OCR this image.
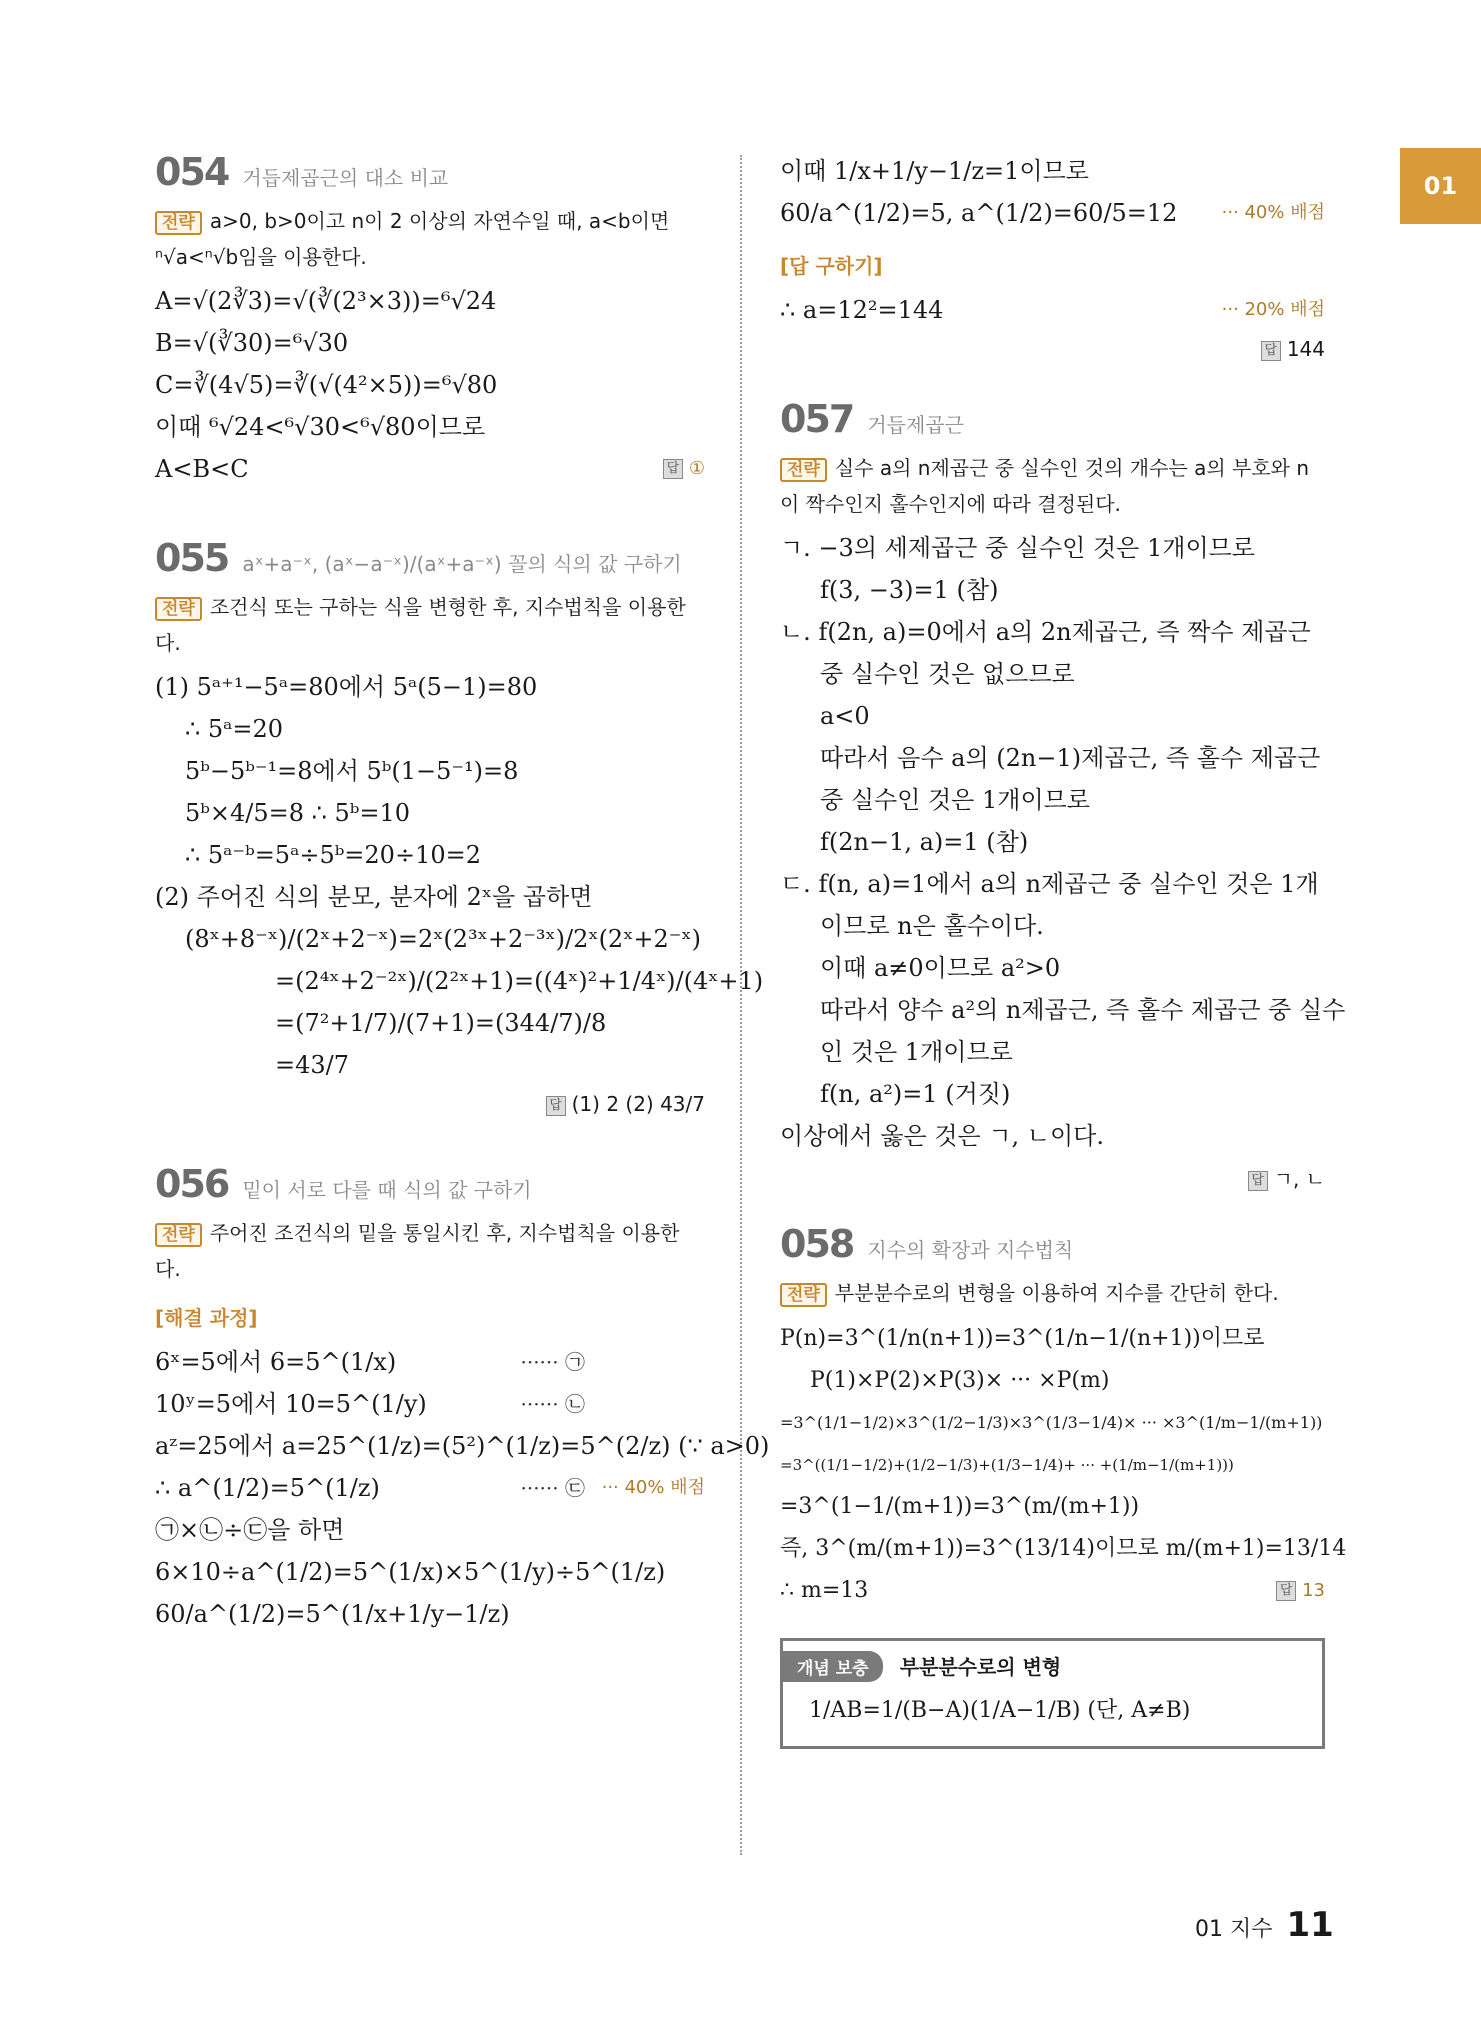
01
054 거듭제곱근의 대소 비교
전략 a>0, b>0이고 n이 2 이상의 자연수일 때, a<b이면 ⁿ√a<ⁿ√b임을 이용한다.
A=√(2∛3)=√(∛(2³×3))=⁶√24
B=√(∛30)=⁶√30
C=∛(4√5)=∛(√(4²×5))=⁶√80
이때 ⁶√24<⁶√30<⁶√80이므로
A<B<C	답 ①
055 aˣ+a⁻ˣ, (aˣ−a⁻ˣ)/(aˣ+a⁻ˣ) 꼴의 식의 값 구하기
전략 조건식 또는 구하는 식을 변형한 후, 지수법칙을 이용한다.
(1) 5ᵃ⁺¹−5ᵃ=80에서 5ᵃ(5−1)=80
∴ 5ᵃ=20
5ᵇ−5ᵇ⁻¹=8에서 5ᵇ(1−5⁻¹)=8
5ᵇ×4/5=8 ∴ 5ᵇ=10
∴ 5ᵃ⁻ᵇ=5ᵃ÷5ᵇ=20÷10=2
(2) 주어진 식의 분모, 분자에 2ˣ을 곱하면
(8ˣ+8⁻ˣ)/(2ˣ+2⁻ˣ)=2ˣ(2³ˣ+2⁻³ˣ)/2ˣ(2ˣ+2⁻ˣ)
=(2⁴ˣ+2⁻²ˣ)/(2²ˣ+1)=((4ˣ)²+1/4ˣ)/(4ˣ+1)
=(7²+1/7)/(7+1)=(344/7)/8
=43/7
답 (1) 2 (2) 43/7
056 밑이 서로 다를 때 식의 값 구하기
전략 주어진 조건식의 밑을 통일시킨 후, 지수법칙을 이용한다.
[해결 과정]
6ˣ=5에서 6=5^(1/x)	······ ㉠
10ʸ=5에서 10=5^(1/y)	······ ㉡
aᶻ=25에서 a=25^(1/z)=(5²)^(1/z)=5^(2/z) (∵ a>0)
∴ a^(1/2)=5^(1/z)	······ ㉢ ··· 40% 배점
㉠×㉡÷㉢을 하면
6×10÷a^(1/2)=5^(1/x)×5^(1/y)÷5^(1/z)
60/a^(1/2)=5^(1/x+1/y−1/z)
이때 1/x+1/y−1/z=1이므로
60/a^(1/2)=5, a^(1/2)=60/5=12 ··· 40% 배점
[답 구하기]
∴ a=12²=144	··· 20% 배점
답 144
057 거듭제곱근
전략 실수 a의 n제곱근 중 실수인 것의 개수는 a의 부호와 n이 짝수인지 홀수인지에 따라 결정된다.
ㄱ. −3의 세제곱근 중 실수인 것은 1개이므로
f(3, −3)=1 (참)
ㄴ. f(2n, a)=0에서 a의 2n제곱근, 즉 짝수 제곱근
중 실수인 것은 없으므로
a<0
따라서 음수 a의 (2n−1)제곱근, 즉 홀수 제곱근
중 실수인 것은 1개이므로
f(2n−1, a)=1 (참)
ㄷ. f(n, a)=1에서 a의 n제곱근 중 실수인 것은 1개
이므로 n은 홀수이다.
이때 a≠0이므로 a²>0
따라서 양수 a²의 n제곱근, 즉 홀수 제곱근 중 실수
인 것은 1개이므로
f(n, a²)=1 (거짓)
이상에서 옳은 것은 ㄱ, ㄴ이다.
답 ㄱ, ㄴ
058 지수의 확장과 지수법칙
전략 부분분수로의 변형을 이용하여 지수를 간단히 한다.
P(n)=3^(1/n(n+1))=3^(1/n−1/(n+1))이므로
P(1)×P(2)×P(3)× ··· ×P(m)
=3^(1/1−1/2)×3^(1/2−1/3)×3^(1/3−1/4)× ··· ×3^(1/m−1/(m+1))
=3^((1/1−1/2)+(1/2−1/3)+(1/3−1/4)+ ··· +(1/m−1/(m+1)))
=3^(1−1/(m+1))=3^(m/(m+1))
즉, 3^(m/(m+1))=3^(13/14)이므로 m/(m+1)=13/14
∴ m=13	답 13
개념 보충 부분분수로의 변형
1/AB=1/(B−A)(1/A−1/B) (단, A≠B)
01 지수 11
